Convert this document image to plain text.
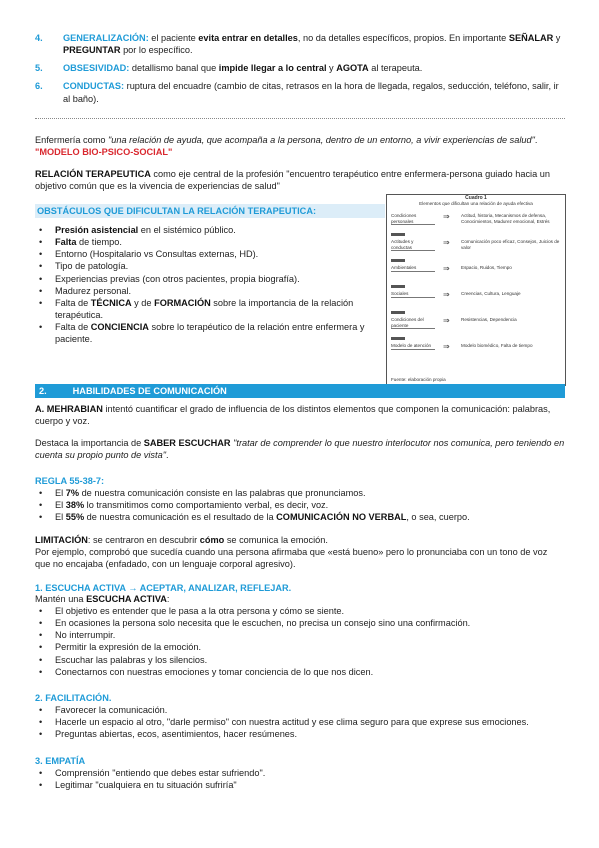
4. GENERALIZACIÓN: el paciente evita entrar en detalles, no da detalles específicos, propios. En importante SEÑALAR y PREGUNTAR por lo específico.
5. OBSESIVIDAD: detallismo banal que impide llegar a lo central y AGOTA al terapeuta.
6. CONDUCTAS: ruptura del encuadre (cambio de citas, retrasos en la hora de llegada, regalos, seducción, teléfono, salir, ir al baño).
Enfermería como "una relación de ayuda, que acompaña a la persona, dentro de un entorno, a vivir experiencias de salud". "MODELO BIO-PSICO-SOCIAL"
RELACIÓN TERAPEUTICA como eje central de la profesión "encuentro terapéutico entre enfermera-persona guiado hacia un objetivo común que es la vivencia de experiencias de salud"
OBSTÁCULOS QUE DIFICULTAN LA RELACIÓN TERAPEUTICA:
• Presión asistencial en el sistémico público.
• Falta de tiempo.
• Entorno (Hospitalario vs Consultas externas, HD).
• Tipo de patología.
• Experiencias previas (con otros pacientes, propia biografía).
• Madurez personal.
• Falta de TÉCNICA y de FORMACIÓN sobre la importancia de la relación terapéutica.
• Falta de CONCIENCIA sobre lo terapéutico de la relación entre enfermera y paciente.
Cuadro 1
Elementos que dificultan una relación de ayuda efectiva
Condiciones personales
⇒ Actitud, historia, Mecanismos de defensa, Conocimientos, Madurez emocional, Estrés
Actitudes y conductas
⇒ Comunicación poco eficaz, Consejos, Juicios de valor
Ambientales	⇒ Espacio, Ruidos, Tiempo
Sociales	⇒ Creencias, Cultura, Lenguaje
Condiciones del paciente
⇒ Resistencias, Dependencia
Modelo de atención	⇒ Modelo biomédico, Falta de tiempo
Fuente: elaboración propia
2.	HABILIDADES DE COMUNICACIÓN
A. MEHRABIAN intentó cuantificar el grado de influencia de los distintos elementos que componen la comunicación: palabras, cuerpo y voz.
Destaca la importancia de SABER ESCUCHAR "tratar de comprender lo que nuestro interlocutor nos comunica, pero teniendo en cuenta su propio punto de vista".
REGLA 55-38-7:
• El 7% de nuestra comunicación consiste en las palabras que pronunciamos.
• El 38% lo transmitimos como comportamiento verbal, es decir, voz.
• El 55% de nuestra comunicación es el resultado de la COMUNICACIÓN NO VERBAL, o sea, cuerpo.
LIMITACIÓN: se centraron en descubrir cómo se comunica la emoción.
Por ejemplo, comprobó que sucedía cuando una persona afirmaba que «está bueno» pero lo pronunciaba con un tono de voz que no encajaba (enfadado, con un lenguaje corporal agresivo).
1. ESCUCHA ACTIVA → ACEPTAR, ANALIZAR, REFLEJAR.
Mantén una ESCUCHA ACTIVA:
• El objetivo es entender que le pasa a la otra persona y cómo se siente.
• En ocasiones la persona solo necesita que le escuchen, no precisa un consejo sino una confirmación.
• No interrumpir.
• Permitir la expresión de la emoción.
• Escuchar las palabras y los silencios.
• Conectarnos con nuestras emociones y tomar conciencia de lo que nos dicen.
2. FACILITACIÓN.
• Favorecer la comunicación.
• Hacerle un espacio al otro, "darle permiso" con nuestra actitud y ese clima seguro para que exprese sus emociones.
• Preguntas abiertas, ecos, asentimientos, hacer resúmenes.
3. EMPATÍA
• Comprensión "entiendo que debes estar sufriendo".
• Legitimar "cualquiera en tu situación sufriría"
